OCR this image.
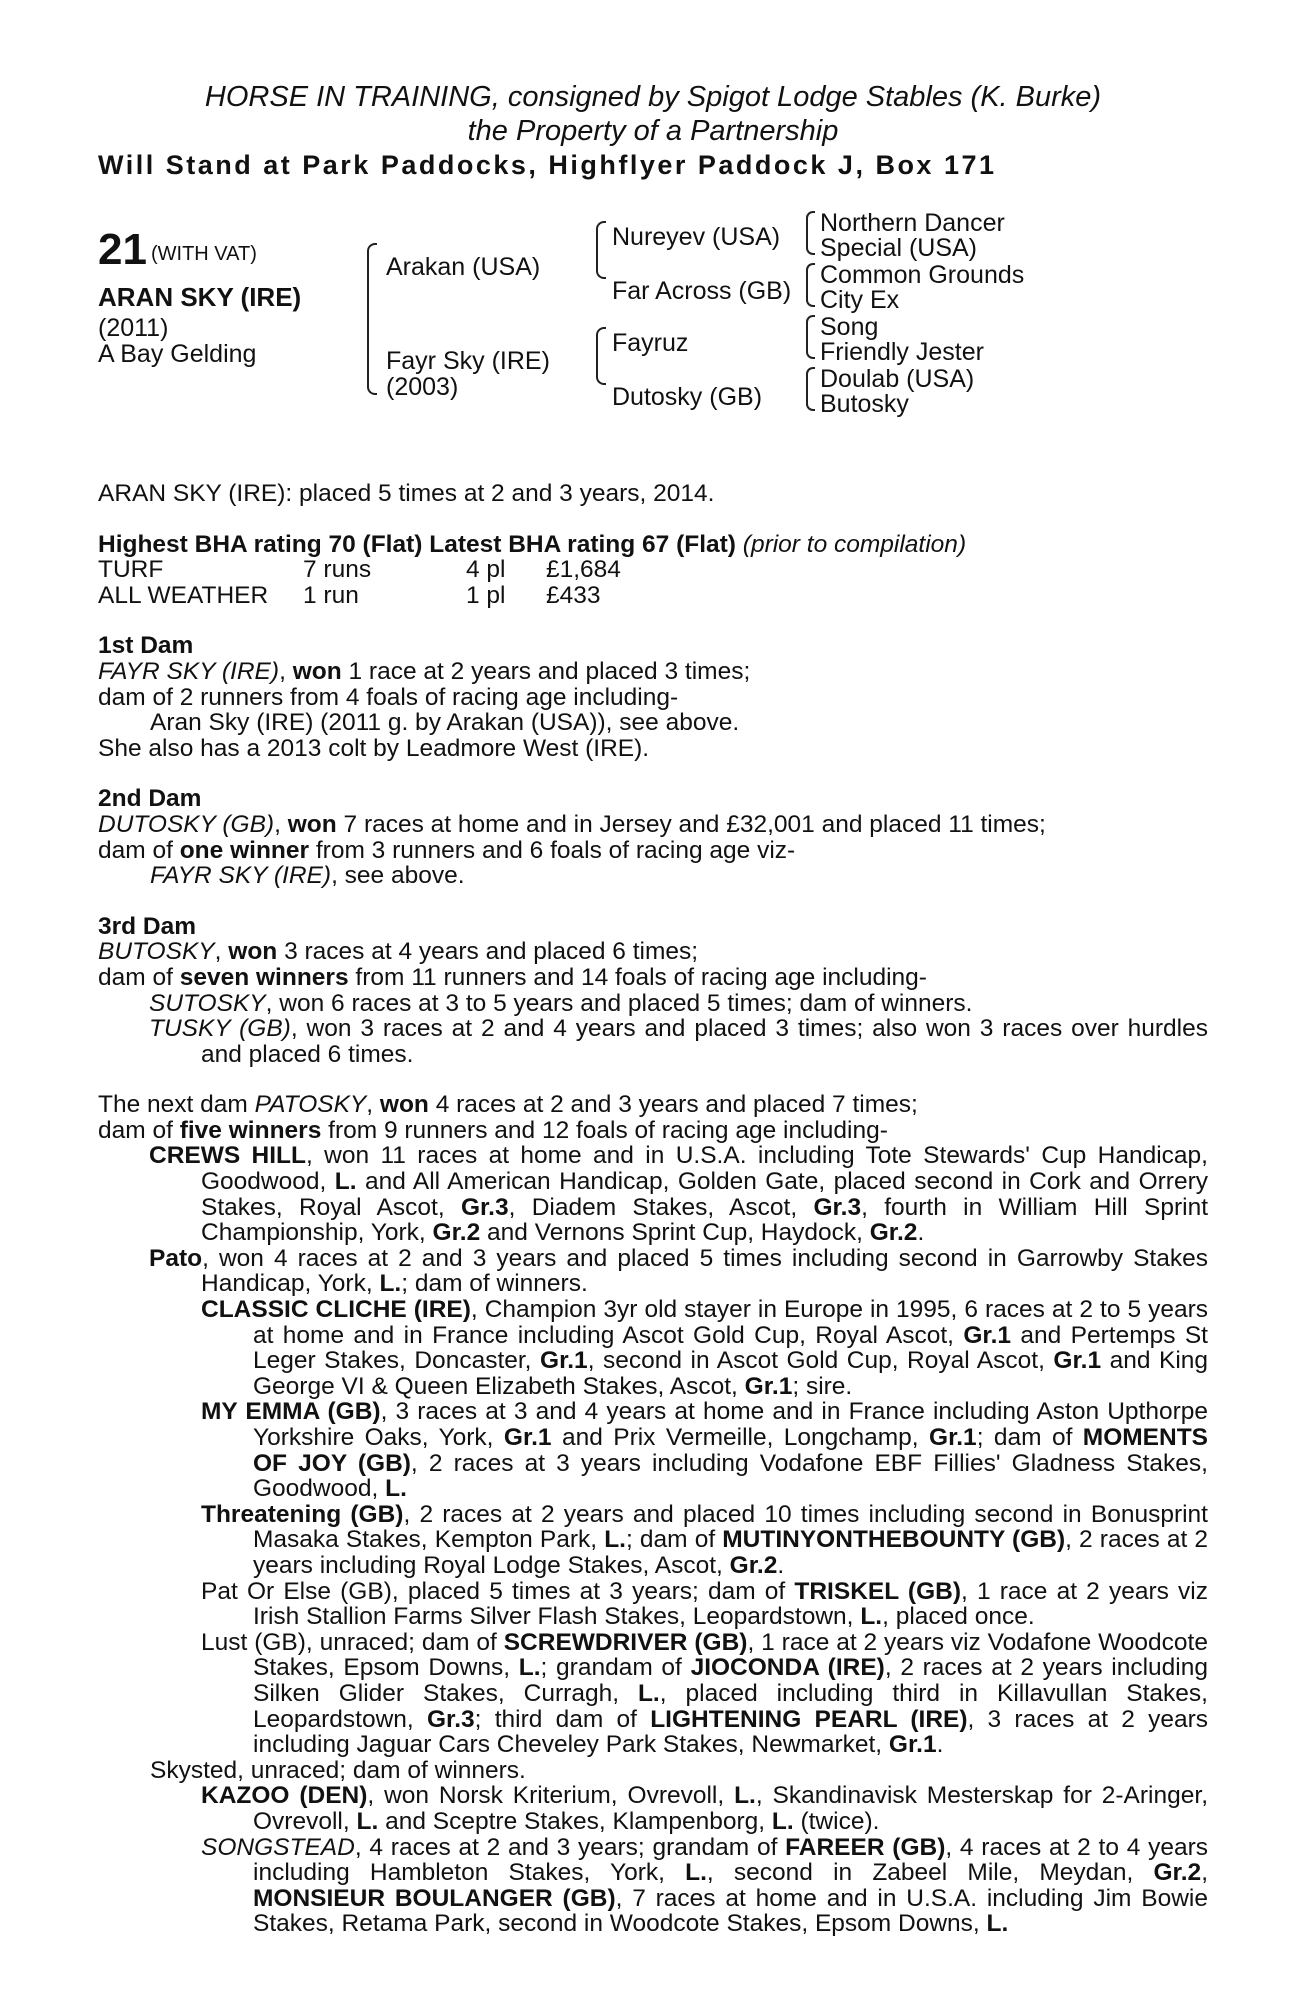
HORSE IN TRAINING, consigned by Spigot Lodge Stables (K. Burke)
the Property of a Partnership
Will Stand at Park Paddocks, Highflyer Paddock J, Box 171
21 (WITH VAT)
ARAN SKY (IRE)
(2011)
A Bay Gelding
Arakan (USA)
Fayr Sky (IRE)
(2003)
Nureyev (USA)
Far Across (GB)
Fayruz
Dutosky (GB)
Northern Dancer
Special (USA)
Common Grounds
City Ex
Song
Friendly Jester
Doulab (USA)
Butosky

ARAN SKY (IRE): placed 5 times at 2 and 3 years, 2014.

Highest BHA rating 70 (Flat) Latest BHA rating 67 (Flat) (prior to compilation)

TURF	7 runs	4 pl	£1,684
ALL WEATHER	1 run	1 pl	£433

1st Dam

FAYR SKY (IRE), won 1 race at 2 years and placed 3 times;

dam of 2 runners from 4 foals of racing age including-

Aran Sky (IRE) (2011 g. by Arakan (USA)), see above.

She also has a 2013 colt by Leadmore West (IRE).

2nd Dam

DUTOSKY (GB), won 7 races at home and in Jersey and £32,001 and placed 11 times;

dam of one winner from 3 runners and 6 foals of racing age viz-

FAYR SKY (IRE), see above.

3rd Dam

BUTOSKY, won 3 races at 4 years and placed 6 times;

dam of seven winners from 11 runners and 14 foals of racing age including-

SUTOSKY, won 6 races at 3 to 5 years and placed 5 times; dam of winners.

TUSKY (GB), won 3 races at 2 and 4 years and placed 3 times; also won 3 races over hurdles and placed 6 times.

The next dam PATOSKY, won 4 races at 2 and 3 years and placed 7 times;

dam of five winners from 9 runners and 12 foals of racing age including-

CREWS HILL, won 11 races at home and in U.S.A. including Tote Stewards' Cup Handicap, Goodwood, L. and All American Handicap, Golden Gate, placed second in Cork and Orrery Stakes, Royal Ascot, Gr.3, Diadem Stakes, Ascot, Gr.3, fourth in William Hill Sprint Championship, York, Gr.2 and Vernons Sprint Cup, Haydock, Gr.2.

Pato, won 4 races at 2 and 3 years and placed 5 times including second in Garrowby Stakes Handicap, York, L.; dam of winners.

CLASSIC CLICHE (IRE), Champion 3yr old stayer in Europe in 1995, 6 races at 2 to 5 years at home and in France including Ascot Gold Cup, Royal Ascot, Gr.1 and Pertemps St Leger Stakes, Doncaster, Gr.1, second in Ascot Gold Cup, Royal Ascot, Gr.1 and King George VI & Queen Elizabeth Stakes, Ascot, Gr.1; sire.

MY EMMA (GB), 3 races at 3 and 4 years at home and in France including Aston Upthorpe Yorkshire Oaks, York, Gr.1 and Prix Vermeille, Longchamp, Gr.1; dam of MOMENTS OF JOY (GB), 2 races at 3 years including Vodafone EBF Fillies' Gladness Stakes, Goodwood, L.

Threatening (GB), 2 races at 2 years and placed 10 times including second in Bonusprint Masaka Stakes, Kempton Park, L.; dam of MUTINYONTHEBOUNTY (GB), 2 races at 2 years including Royal Lodge Stakes, Ascot, Gr.2.

Pat Or Else (GB), placed 5 times at 3 years; dam of TRISKEL (GB), 1 race at 2 years viz Irish Stallion Farms Silver Flash Stakes, Leopardstown, L., placed once.

Lust (GB), unraced; dam of SCREWDRIVER (GB), 1 race at 2 years viz Vodafone Woodcote Stakes, Epsom Downs, L.; grandam of JIOCONDA (IRE), 2 races at 2 years including Silken Glider Stakes, Curragh, L., placed including third in Killavullan Stakes, Leopardstown, Gr.3; third dam of LIGHTENING PEARL (IRE), 3 races at 2 years including Jaguar Cars Cheveley Park Stakes, Newmarket, Gr.1.

Skysted, unraced; dam of winners.

KAZOO (DEN), won Norsk Kriterium, Ovrevoll, L., Skandinavisk Mesterskap for 2-Aringer, Ovrevoll, L. and Sceptre Stakes, Klampenborg, L. (twice).

SONGSTEAD, 4 races at 2 and 3 years; grandam of FAREER (GB), 4 races at 2 to 4 years including Hambleton Stakes, York, L., second in Zabeel Mile, Meydan, Gr.2, MONSIEUR BOULANGER (GB), 7 races at home and in U.S.A. including Jim Bowie Stakes, Retama Park, second in Woodcote Stakes, Epsom Downs, L.
